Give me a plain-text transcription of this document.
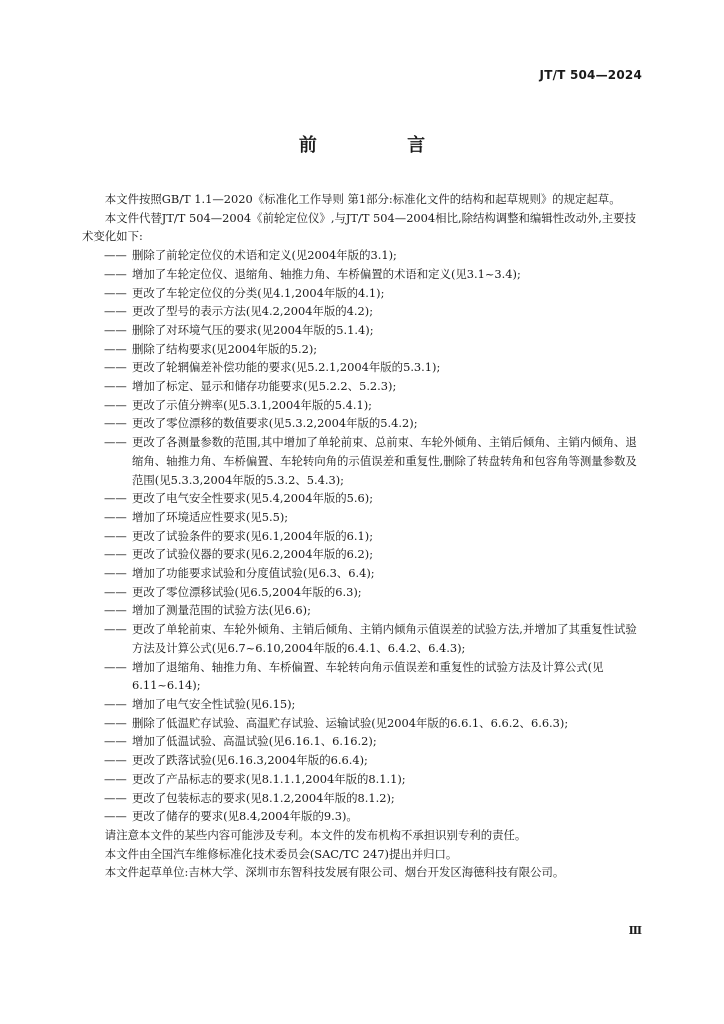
JT/T 504—2024
前 言

本文件按照GB/T 1.1—2020《标准化工作导则 第1部分:标准化文件的结构和起草规则》的规定起草。

本文件代替JT/T 504—2004《前轮定位仪》,与JT/T 504—2004相比,除结构调整和编辑性改动外,主要技术变化如下:

—— 删除了前轮定位仪的术语和定义(见2004年版的3.1);

—— 增加了车轮定位仪、退缩角、轴推力角、车桥偏置的术语和定义(见3.1~3.4);

—— 更改了车轮定位仪的分类(见4.1,2004年版的4.1);

—— 更改了型号的表示方法(见4.2,2004年版的4.2);

—— 删除了对环境气压的要求(见2004年版的5.1.4);

—— 删除了结构要求(见2004年版的5.2);

—— 更改了轮辋偏差补偿功能的要求(见5.2.1,2004年版的5.3.1);

—— 增加了标定、显示和储存功能要求(见5.2.2、5.2.3);

—— 更改了示值分辨率(见5.3.1,2004年版的5.4.1);

—— 更改了零位漂移的数值要求(见5.3.2,2004年版的5.4.2);

—— 更改了各测量参数的范围,其中增加了单轮前束、总前束、车轮外倾角、主销后倾角、主销内倾角、退缩角、轴推力角、车桥偏置、车轮转向角的示值误差和重复性,删除了转盘转角和包容角等测量参数及范围(见5.3.3,2004年版的5.3.2、5.4.3);

—— 更改了电气安全性要求(见5.4,2004年版的5.6);

—— 增加了环境适应性要求(见5.5);

—— 更改了试验条件的要求(见6.1,2004年版的6.1);

—— 更改了试验仪器的要求(见6.2,2004年版的6.2);

—— 增加了功能要求试验和分度值试验(见6.3、6.4);

—— 更改了零位漂移试验(见6.5,2004年版的6.3);

—— 增加了测量范围的试验方法(见6.6);

—— 更改了单轮前束、车轮外倾角、主销后倾角、主销内倾角示值误差的试验方法,并增加了其重复性试验方法及计算公式(见6.7~6.10,2004年版的6.4.1、6.4.2、6.4.3);

—— 增加了退缩角、轴推力角、车桥偏置、车轮转向角示值误差和重复性的试验方法及计算公式(见6.11~6.14);

—— 增加了电气安全性试验(见6.15);

—— 删除了低温贮存试验、高温贮存试验、运输试验(见2004年版的6.6.1、6.6.2、6.6.3);

—— 增加了低温试验、高温试验(见6.16.1、6.16.2);

—— 更改了跌落试验(见6.16.3,2004年版的6.6.4);

—— 更改了产品标志的要求(见8.1.1.1,2004年版的8.1.1);

—— 更改了包装标志的要求(见8.1.2,2004年版的8.1.2);

—— 更改了储存的要求(见8.4,2004年版的9.3)。

请注意本文件的某些内容可能涉及专利。本文件的发布机构不承担识别专利的责任。

本文件由全国汽车维修标准化技术委员会(SAC/TC 247)提出并归口。

本文件起草单位:吉林大学、深圳市东智科技发展有限公司、烟台开发区海德科技有限公司。

Ⅲ
